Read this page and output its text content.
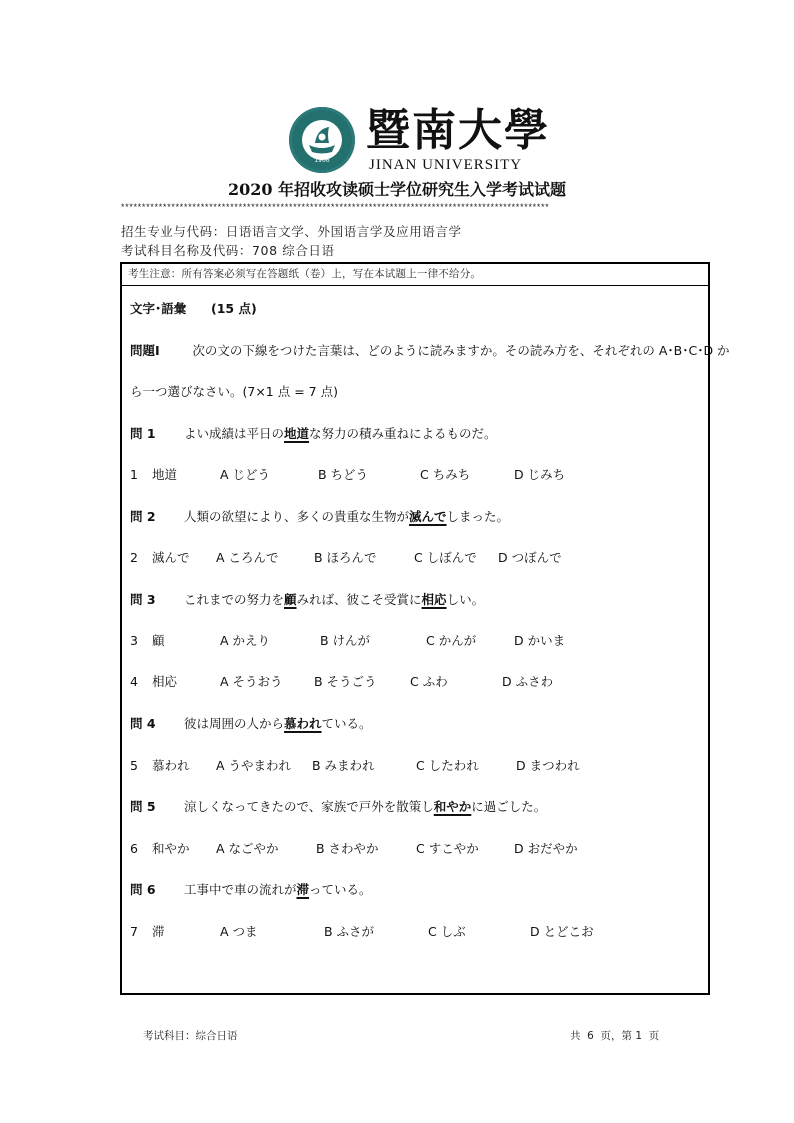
1906
暨南大學
JINAN UNIVERSITY
2020 年招收攻读硕士学位研究生入学考试试题
******************************************************************************************************
招生专业与代码：日语语言文学、外国语言学及应用语言学
考试科目名称及代码：708 综合日语
考生注意：所有答案必须写在答题纸（卷）上，写在本试题上一律不给分。
文字･語彙 (15 点)
問題Ⅰ	次の文の下線をつけた言葉は、どのように読みますか。その読み方を、それぞれの A･B･C･D か
ら一つ選びなさい。(7×1 点 = 7 点)
問 1 よい成績は平日の地道な努力の積み重ねによるものだ。
1 地道	A じどう	B ちどう	C ちみち	D じみち
問 2 人類の欲望により、多くの貴重な生物が滅んでしまった。
2 滅んで A ころんで	B ほろんで	C しぼんで D つぼんで
問 3 これまでの努力を顧みれば、彼こそ受賞に相応しい。
3 顧	A かえり	B けんが	C かんが	D かいま
4 相応	A そうおう	B そうごう	C ふわ	D ふさわ
問 4 彼は周囲の人から慕われている。
5 慕われ A うやまわれ B みまわれ	C したわれ	D まつわれ
問 5 涼しくなってきたので、家族で戸外を散策し和やかに過ごした。
6 和やか A なごやか	B さわやか	C すこやか	D おだやか
問 6 工事中で車の流れが滞っている。
7 滞	A つま	B ふさが	C しぶ	D とどこお
考试科目：综合日语	共  6  页，第 1  页
